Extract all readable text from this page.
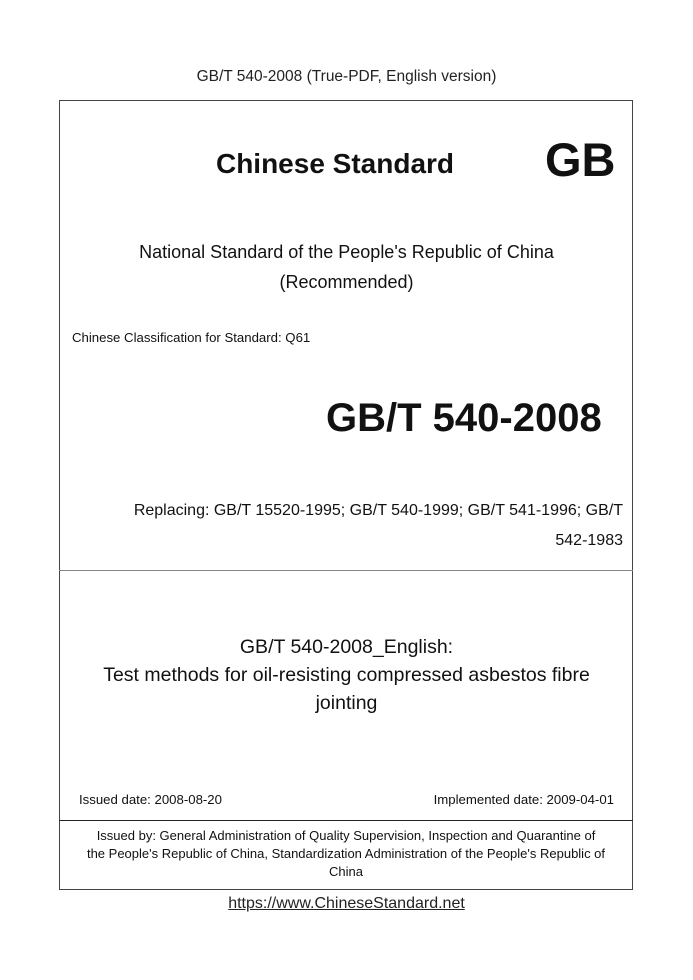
GB/T 540-2008 (True-PDF, English version)
Chinese Standard	GB
National Standard of the People's Republic of China
(Recommended)
Chinese Classification for Standard: Q61
GB/T 540-2008
Replacing: GB/T 15520-1995; GB/T 540-1999; GB/T 541-1996; GB/T
542-1983
GB/T 540-2008_English:
Test methods for oil-resisting compressed asbestos fibre
jointing
Issued date: 2008-08-20	Implemented date: 2009-04-01
Issued by: General Administration of Quality Supervision, Inspection and Quarantine of
the People's Republic of China, Standardization Administration of the People's Republic of
China
https://www.ChineseStandard.net
